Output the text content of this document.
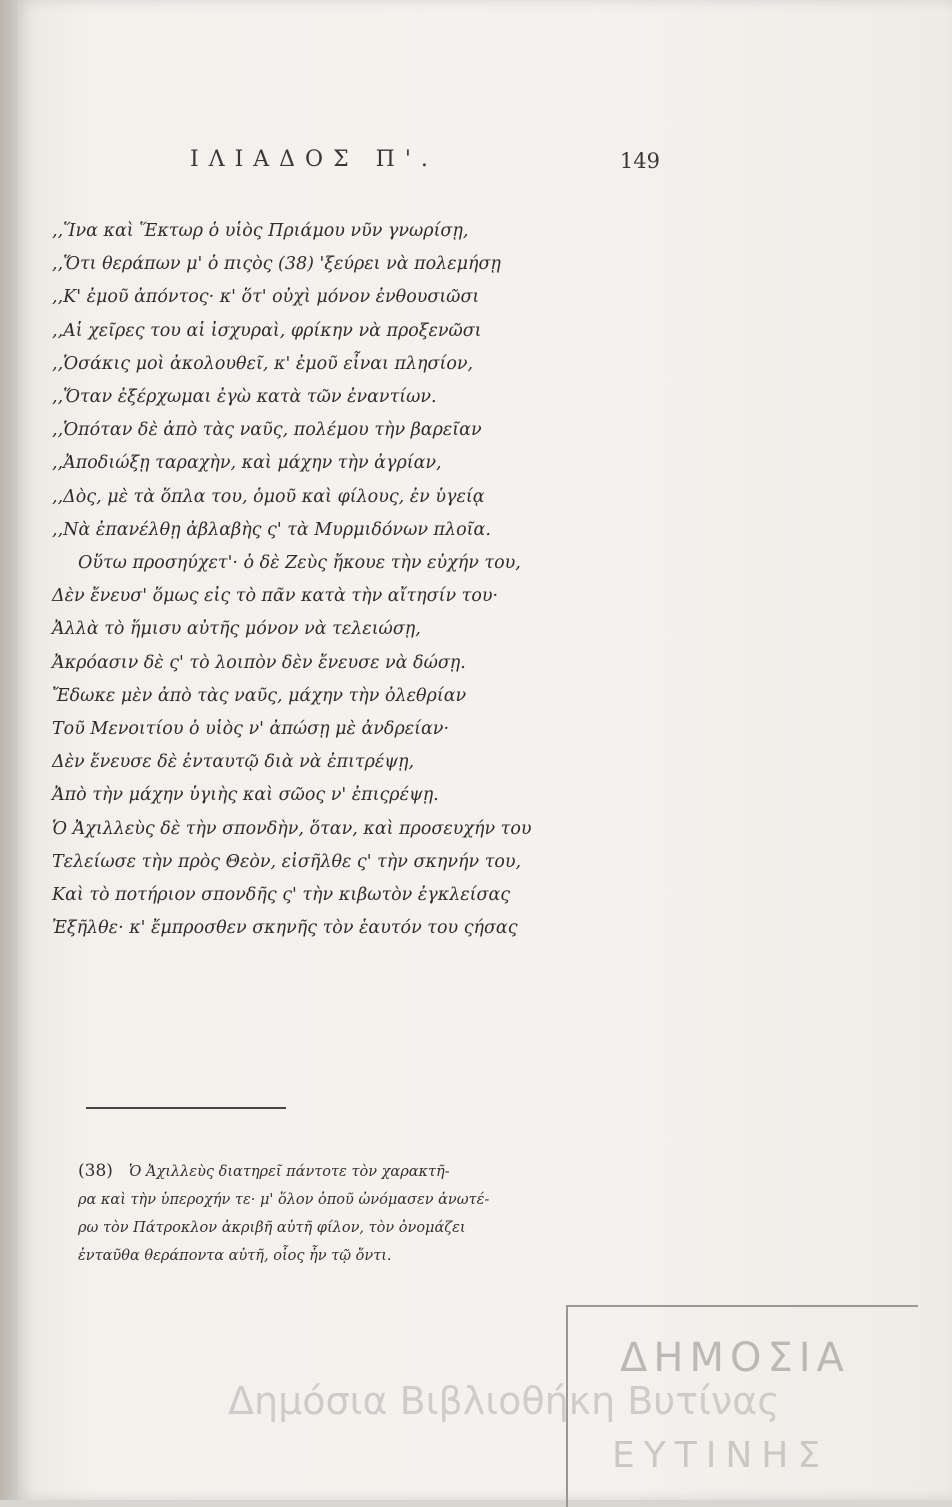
ΙΛΙΑΔΟΣ Π'.	149
,,Ἵνα καὶ Ἕκτωρ ὁ υἱὸς Πριάμου νῦν γνωρίσῃ,
,,Ὅτι θεράπων μ' ὁ πιςὸς (38) 'ξεύρει νὰ πολεμήσῃ
,,Κ' ἐμοῦ ἀπόντος· κ' ὅτ' οὐχὶ μόνον ἐνθουσιῶσι
,,Αἱ χεῖρες του αἱ ἰσχυραὶ, φρίκην νὰ προξενῶσι
,,Ὁσάκις μοὶ ἀκολουθεῖ, κ' ἐμοῦ εἶναι πλησίον,
,,Ὅταν ἐξέρχωμαι ἐγὼ κατὰ τῶν ἐναντίων.
,,Ὁπόταν δὲ ἀπὸ τὰς ναῦς, πολέμου τὴν βαρεῖαν
,,Ἀποδιώξῃ ταραχὴν, καὶ μάχην τὴν ἀγρίαν,
,,Δὸς, μὲ τὰ ὅπλα του, ὁμοῦ καὶ φίλους, ἐν ὑγείᾳ
,,Νὰ ἐπανέλθῃ ἀβλαβὴς ς' τὰ Μυρμιδόνων πλοῖα.
Οὕτω προσηύχετ'· ὁ δὲ Ζεὺς ἤκουε τὴν εὐχήν του,
Δὲν ἔνευσ' ὅμως εἰς τὸ πᾶν κατὰ τὴν αἴτησίν του·
Ἀλλὰ τὸ ἥμισυ αὐτῆς μόνον νὰ τελειώσῃ,
Ἀκρόασιν δὲ ς' τὸ λοιπὸν δὲν ἔνευσε νὰ δώσῃ.
Ἔδωκε μὲν ἀπὸ τὰς ναῦς, μάχην τὴν ὀλεθρίαν
Τοῦ Μενοιτίου ὁ υἱὸς ν' ἀπώσῃ μὲ ἀνδρείαν·
Δὲν ἔνευσε δὲ ἐνταυτῷ διὰ νὰ ἐπιτρέψῃ,
Ἀπὸ τὴν μάχην ὑγιὴς καὶ σῶος ν' ἐπιςρέψῃ.
Ὁ Ἀχιλλεὺς δὲ τὴν σπονδὴν, ὅταν, καὶ προσευχήν του
Τελείωσε τὴν πρὸς Θεὸν, εἰσῆλθε ς' τὴν σκηνήν του,
Καὶ τὸ ποτήριον σπονδῆς ς' τὴν κιβωτὸν ἐγκλείσας
Ἐξῆλθε· κ' ἔμπροσθεν σκηνῆς τὸν ἑαυτόν του ςήσας
(38) Ὁ Ἀχιλλεὺς διατηρεῖ πάντοτε τὸν χαρακτῆ-
ρα καὶ τὴν ὑπεροχήν τε· μ' ὅλον ὁποῦ ὠνόμασεν ἀνωτέ-
ρω τὸν Πάτροκλον ἀκριβῆ αὐτῆ φίλον, τὸν ὀνομάζει
ἐνταῦθα θεράποντα αὐτῆ, οἷος ἦν τῷ ὄντι.
Δημόσια Βιβλιοθήκη Βυτίνας
ΔΗΜΟΣΙΑ
ΕΥΤΙΝΗΣ
